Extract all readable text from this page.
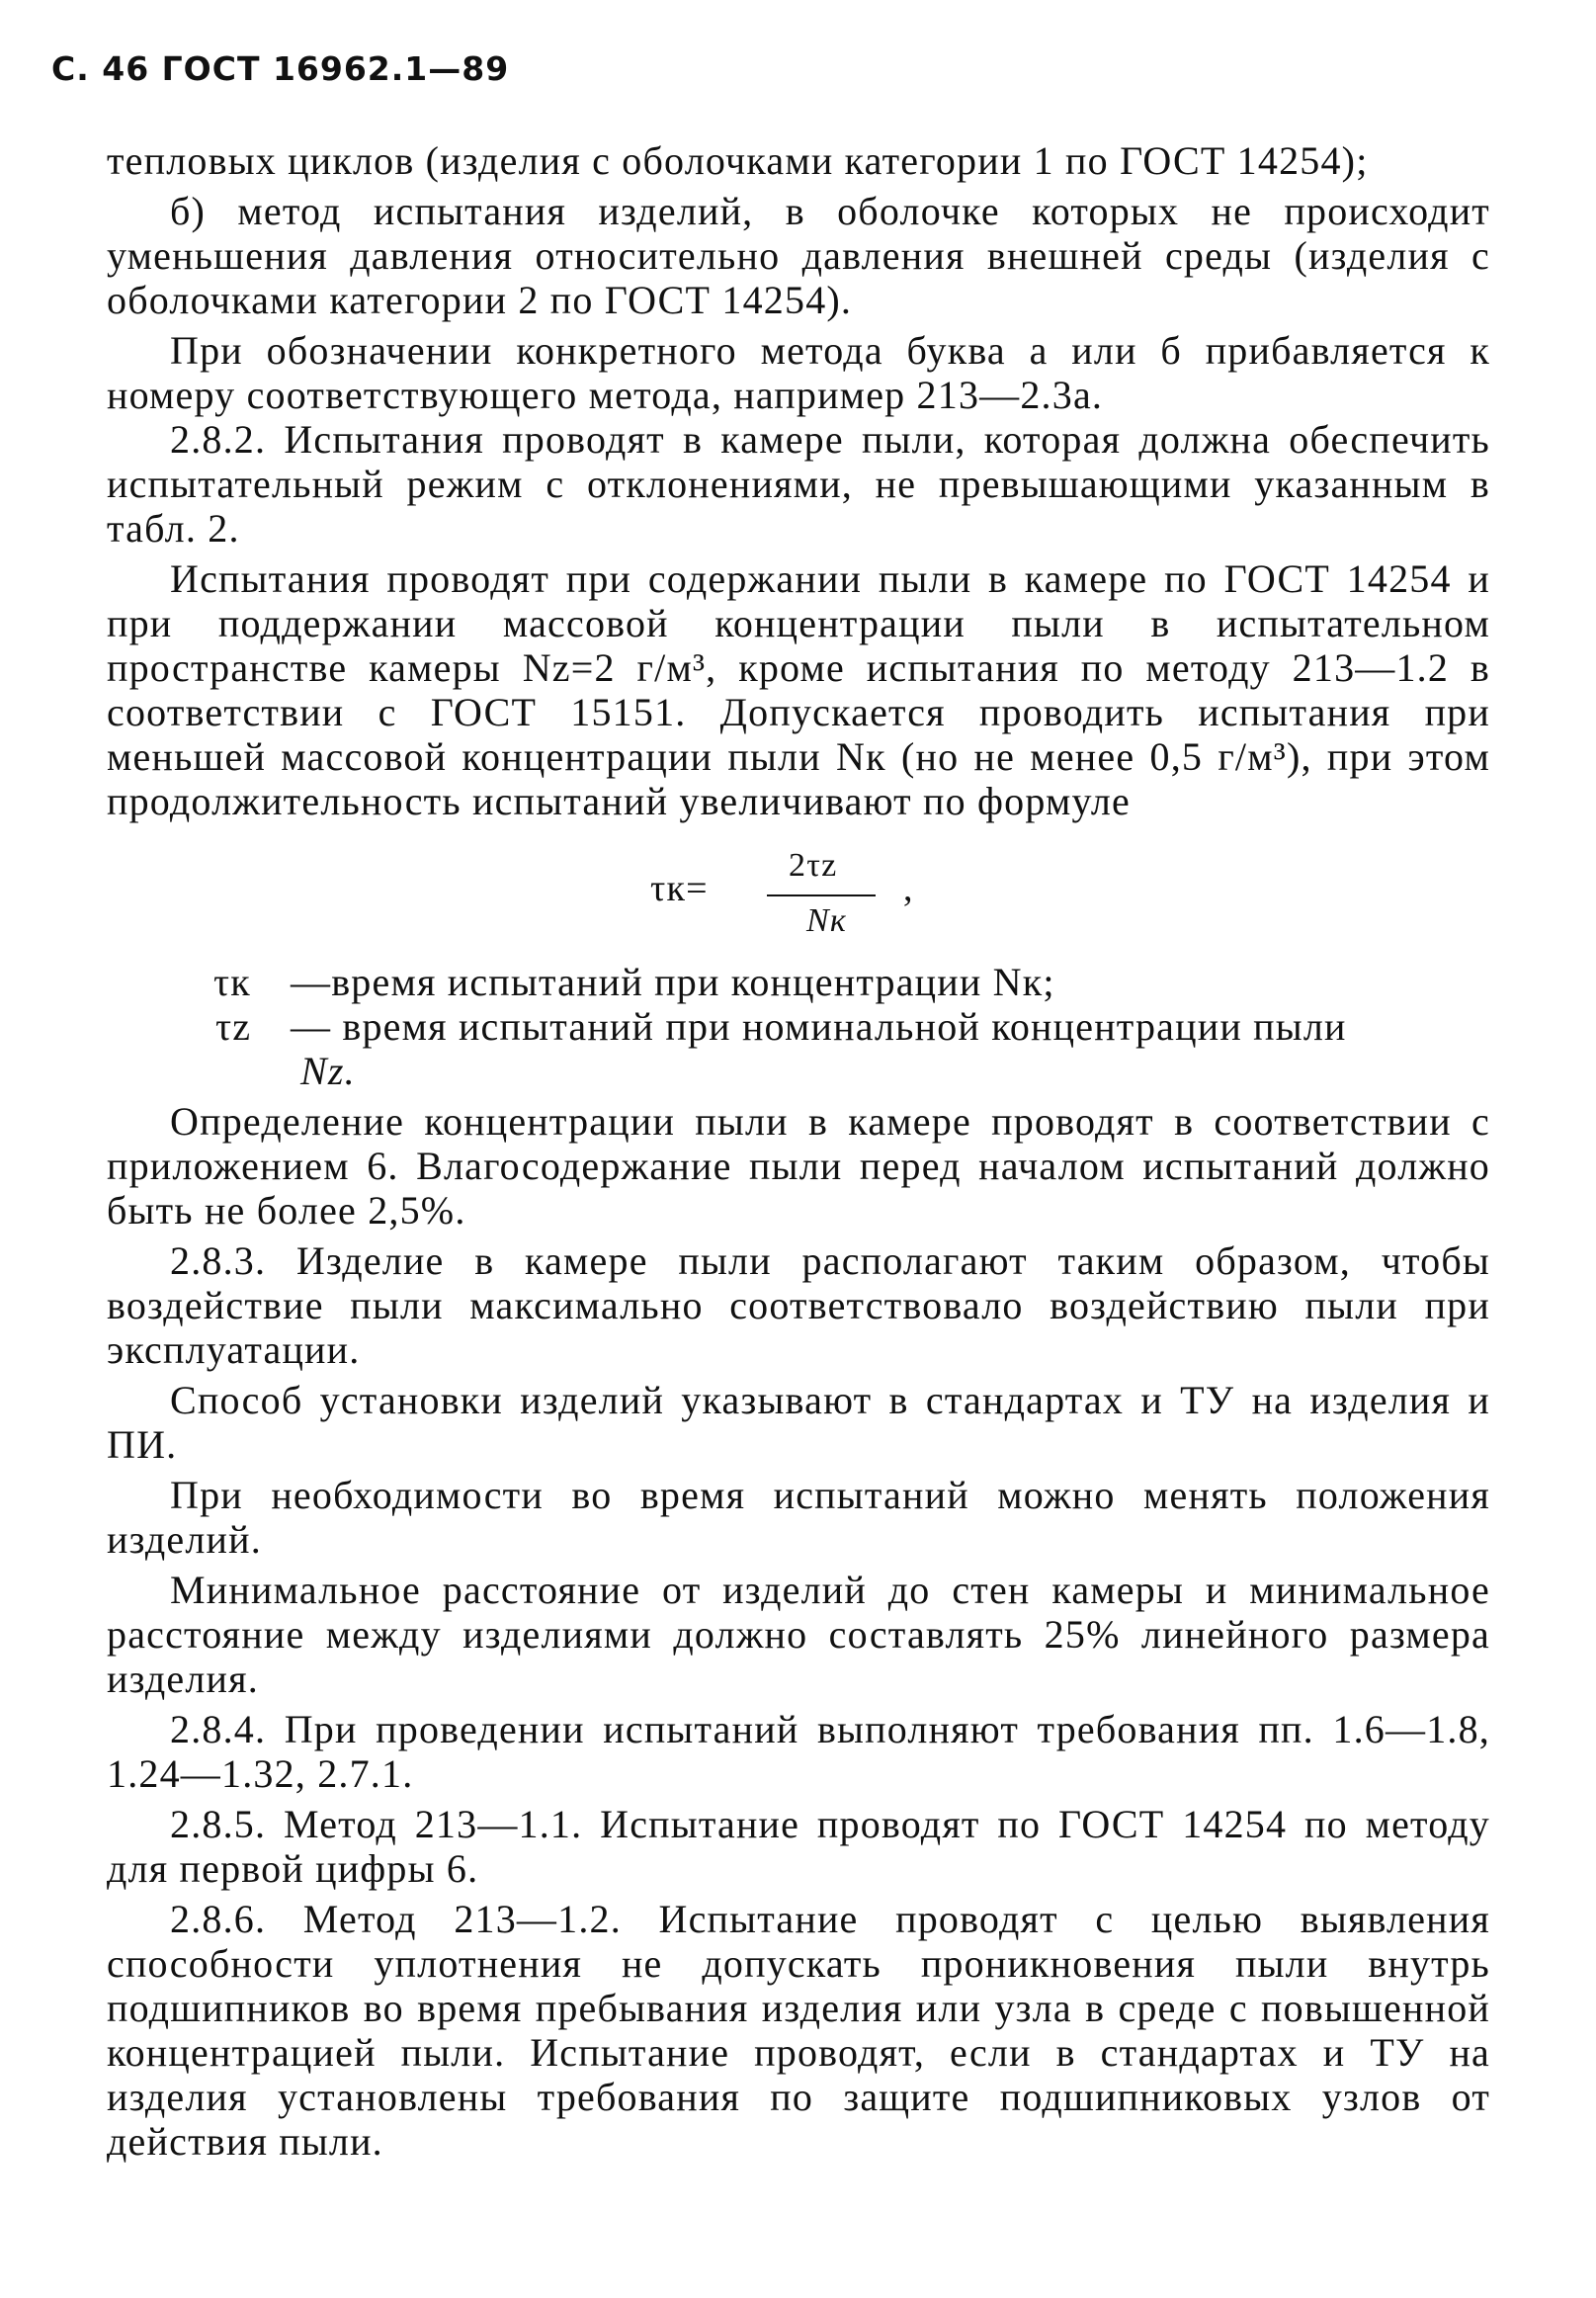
С. 46 ГОСТ 16962.1—89

тепловых циклов (изделия с оболочками категории 1 по ГОСТ 14254);

б) метод испытания изделий, в оболочке которых не происходит уменьшения давления относительно давления внешней среды (изделия с оболочками категории 2 по ГОСТ 14254).

При обозначении конкретного метода буква а или б прибавляется к номеру соответствующего метода, например 213—2.3а.

2.8.2. Испытания проводят в камере пыли, которая должна обеспечить испытательный режим с отклонениями, не превышающими указанным в табл. 2.

Испытания проводят при содержании пыли в камере по ГОСТ 14254 и при поддержании массовой концентрации пыли в испытательном пространстве камеры Nz=2 г/м³, кроме испытания по методу 213—1.2 в соответствии с ГОСТ 15151. Допускается проводить испытания при меньшей массовой концентрации пыли Nк (но не менее 0,5 г/м³), при этом продолжительность испытаний увеличивают по формуле

τк=
2τz
Nк
,
τк	—время испытаний при концентрации Nк;
τz — время испытаний при номинальной концентрации пыли
Nz.

Определение концентрации пыли в камере проводят в соответствии с приложением 6. Влагосодержание пыли перед началом испытаний должно быть не более 2,5%.

2.8.3. Изделие в камере пыли располагают таким образом, чтобы воздействие пыли максимально соответствовало воздействию пыли при эксплуатации.

Способ установки изделий указывают в стандартах и ТУ на изделия и ПИ.

При необходимости во время испытаний можно менять положения изделий.

Минимальное расстояние от изделий до стен камеры и минимальное расстояние между изделиями должно составлять 25% линейного размера изделия.

2.8.4. При проведении испытаний выполняют требования пп. 1.6—1.8, 1.24—1.32, 2.7.1.

2.8.5. Метод 213—1.1. Испытание проводят по ГОСТ 14254 по методу для первой цифры 6.

2.8.6. Метод 213—1.2. Испытание проводят с целью выявления способности уплотнения не допускать проникновения пыли внутрь подшипников во время пребывания изделия или узла в среде с повышенной концентрацией пыли. Испытание проводят, если в стандартах и ТУ на изделия установлены требования по защите подшипниковых узлов от действия пыли.
